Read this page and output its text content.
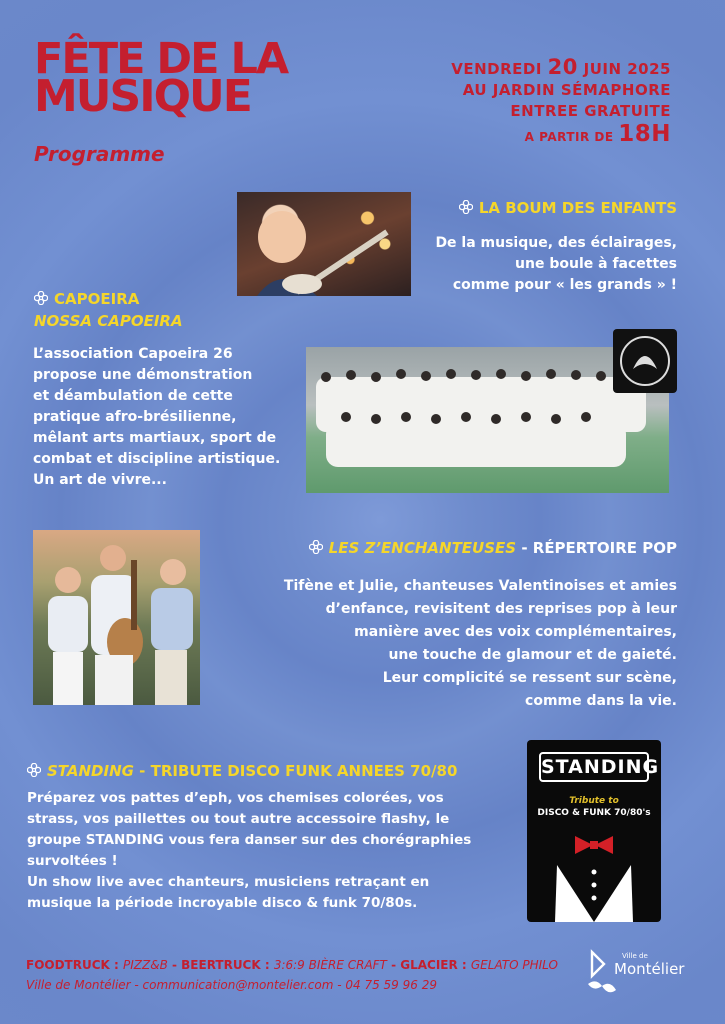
FÊTE DE LA
MUSIQUE
Programme
VENDREDI 20 JUIN 2025
AU JARDIN SÉMAPHORE
ENTREE GRATUITE
A PARTIR DE 18H
LA BOUM DES ENFANTS
De la musique, des éclairages,
une boule à facettes
comme pour « les grands » !
CAPOEIRA
NOSSA CAPOEIRA
L’association Capoeira 26
propose une démonstration
et déambulation de cette
pratique afro-brésilienne,
mêlant arts martiaux, sport de
combat et discipline artistique.
Un art de vivre...
LES Z’ENCHANTEUSES - RÉPERTOIRE POP
Tifène et Julie, chanteuses Valentinoises et amies
d’enfance, revisitent des reprises pop à leur
manière avec des voix complémentaires,
une touche de glamour et de gaieté.
Leur complicité se ressent sur scène,
comme dans la vie.
STANDING - TRIBUTE DISCO FUNK ANNEES 70/80
Préparez vos pattes d’eph, vos chemises colorées, vos
strass, vos paillettes ou tout autre accessoire flashy, le
groupe STANDING vous fera danser sur des chorégraphies
survoltées !
Un show live avec chanteurs, musiciens retraçant en
musique la période incroyable disco & funk 70/80s.
STANDING
Tribute to
DISCO & FUNK 70/80's
FOODTRUCK : PIZZ&B - BEERTRUCK : 3:6:9 BIÈRE CRAFT - GLACIER : GELATO PHILO
Ville de Montélier - communication@montelier.com - 04 75 59 96 29
Ville de
Montélier
